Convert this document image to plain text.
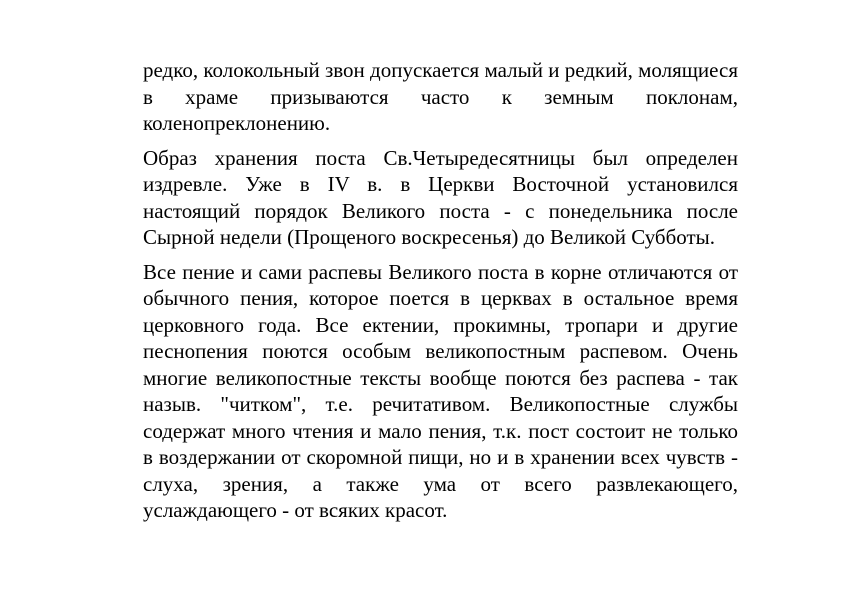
редко, колокольный звон допускается малый и редкий, молящиеся в храме призываются часто к земным поклонам, коленопреклонению.

Образ хранения поста Св.Четыредесятницы был определен издревле. Уже в IV в. в Церкви Восточной установился настоящий порядок Великого поста - с понедельника после Сырной недели (Прощеного воскресенья) до Великой Субботы.

Все пение и сами распевы Великого поста в корне отличаются от обычного пения, которое поется в церквах в остальное время церковного года. Все ектении, прокимны, тропари и другие песнопения поются особым великопостным распевом. Очень многие великопостные тексты вообще поются без распева - так назыв. "читком", т.е. речитативом. Великопостные службы содержат много чтения и мало пения, т.к. пост состоит не только в воздержании от скоромной пищи, но и в хранении всех чувств - слуха, зрения, а также ума от всего развлекающего, услаждающего - от всяких красот.
